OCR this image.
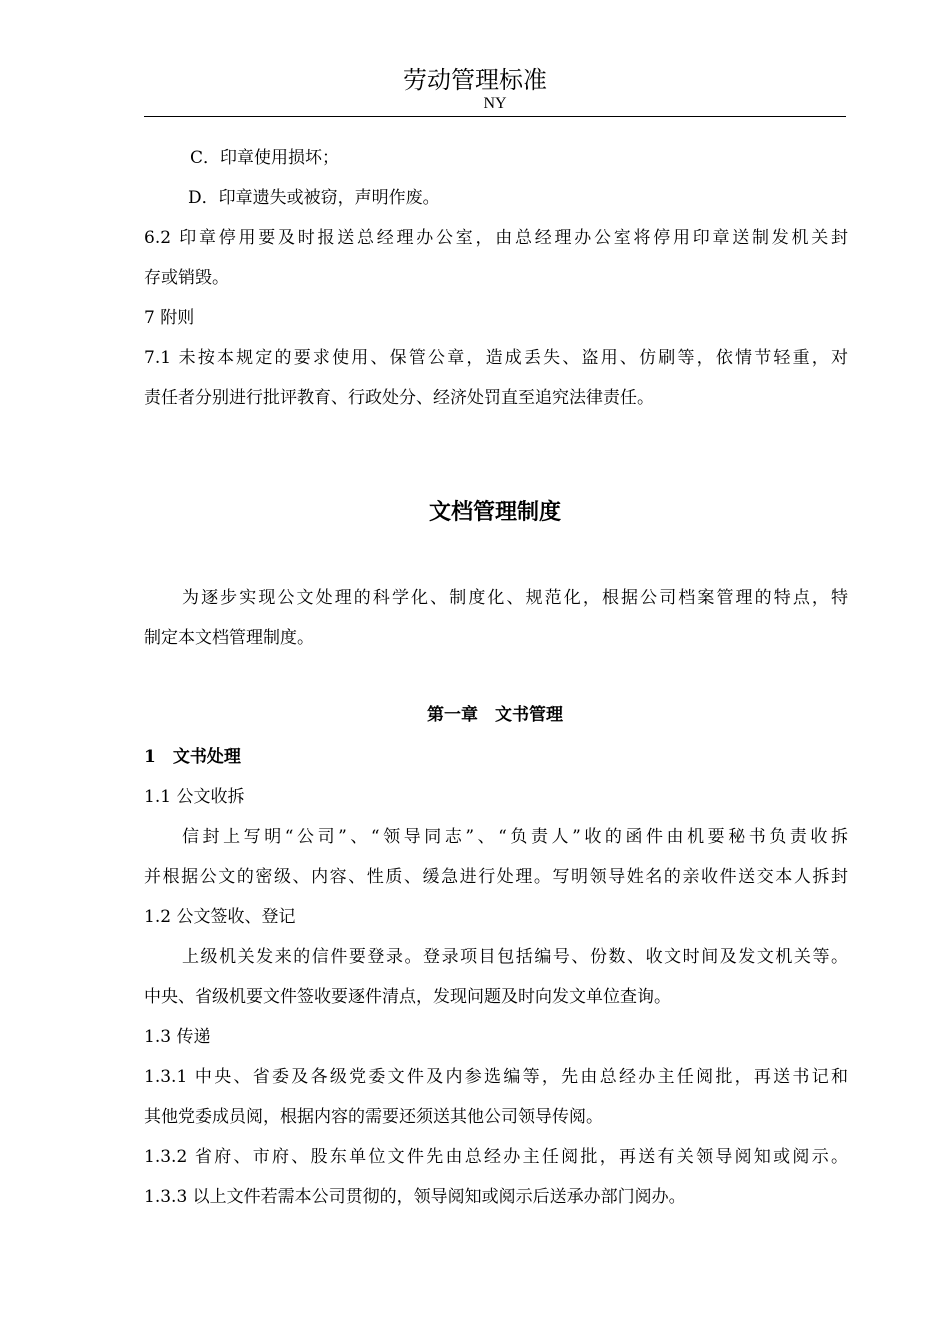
劳动管理标准
NY
C．印章使用损坏；
D．印章遗失或被窃，声明作废。
6.2 印章停用要及时报送总经理办公室，由总经理办公室将停用印章送制发机关封
存或销毁。
7 附则
7.1 未按本规定的要求使用、保管公章，造成丢失、盗用、仿刷等，依情节轻重，对
责任者分别进行批评教育、行政处分、经济处罚直至追究法律责任。
文档管理制度
为逐步实现公文处理的科学化、制度化、规范化，根据公司档案管理的特点，特
制定本文档管理制度。
第一章　文书管理
1　文书处理
1.1 公文收拆
信封上写明“公司”、“领导同志”、“负责人”收的函件由机要秘书负责收拆
并根据公文的密级、内容、性质、缓急进行处理。写明领导姓名的亲收件送交本人拆封
1.2 公文签收、登记
上级机关发来的信件要登录。登录项目包括编号、份数、收文时间及发文机关等。
中央、省级机要文件签收要逐件清点，发现问题及时向发文单位查询。
1.3 传递
1.3.1 中央、省委及各级党委文件及内参选编等，先由总经办主任阅批，再送书记和
其他党委成员阅，根据内容的需要还须送其他公司领导传阅。
1.3.2 省府、市府、股东单位文件先由总经办主任阅批，再送有关领导阅知或阅示。
1.3.3 以上文件若需本公司贯彻的，领导阅知或阅示后送承办部门阅办。
